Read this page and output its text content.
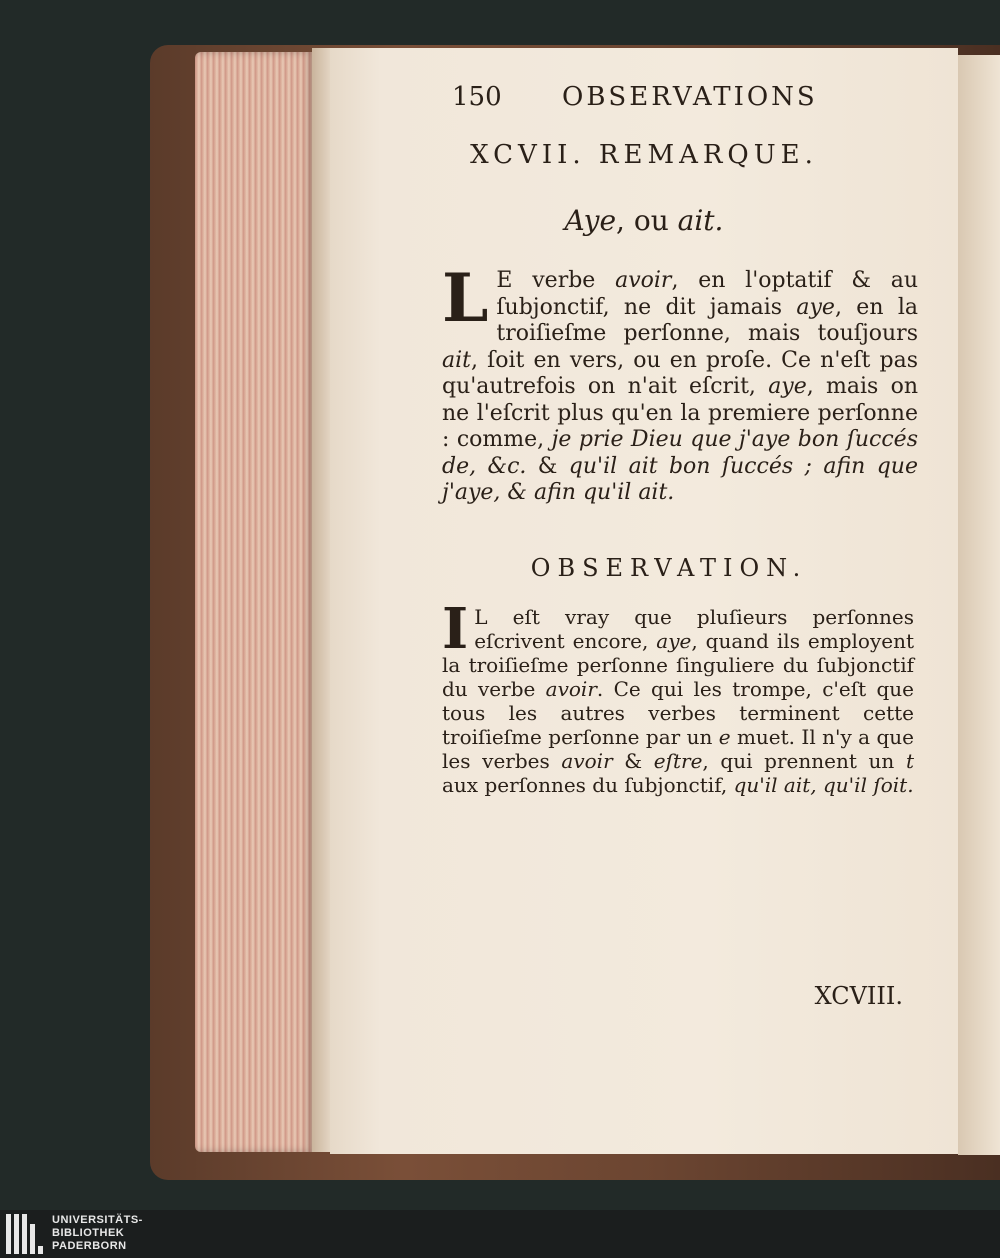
150 OBSERVATIONS
XCVII. REMARQUE.
Aye, ou ait.
L E verbe avoir, en l'optatif & au ſubjonctif, ne dit jamais aye, en la troiſieſme perſonne, mais touſjours ait, ſoit en vers, ou en proſe. Ce n'eſt pas qu'autrefois on n'ait eſcrit, aye, mais on ne l'eſcrit plus qu'en la premiere perſonne : comme, je prie Dieu que j'aye bon ſuccés de, &c. & qu'il ait bon ſuccés ; afin que j'aye, & afin qu'il ait.
OBSERVATION.
I L eſt vray que pluſieurs perſonnes eſcrivent encore, aye, quand ils employent la troiſieſme perſonne ſinguliere du ſubjonctif du verbe avoir. Ce qui les trompe, c'eſt que tous les autres verbes terminent cette troiſieſme perſonne par un e muet. Il n'y a que les verbes avoir & eſtre, qui prennent un t aux perſonnes du ſubjonctif, qu'il ait, qu'il ſoit.
XCVIII.
UNIVERSITÄTS-
BIBLIOTHEK
PADERBORN
